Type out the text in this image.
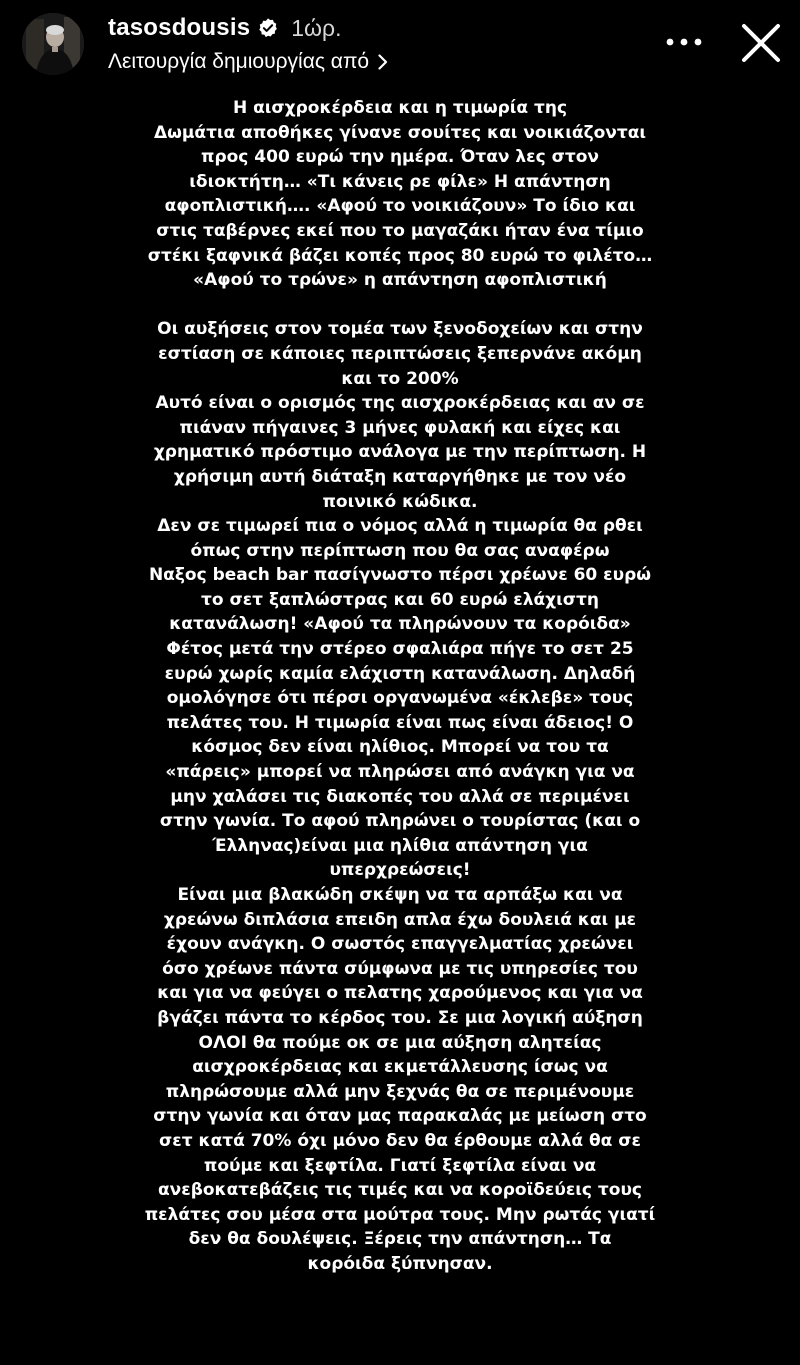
tasosdousis 1ώρ.
Λειτουργία δημιουργίας από
Η αισχροκέρδεια και η τιμωρία της
Δωμάτια αποθήκες γίνανε σουίτες και νοικιάζονται
προς 400 ευρώ την ημέρα. Όταν λες στον
ιδιοκτήτη… «Τι κάνεις ρε φίλε» Η απάντηση
αφοπλιστική…. «Αφού το νοικιάζουν» Το ίδιο και
στις ταβέρνες εκεί που το μαγαζάκι ήταν ένα τίμιο
στέκι ξαφνικά βάζει κοπές προς 80 ευρώ το φιλέτο…
«Αφού το τρώνε» η απάντηση αφοπλιστική
Οι αυξήσεις στον τομέα των ξενοδοχείων και στην
εστίαση σε κάποιες περιπτώσεις ξεπερνάνε ακόμη
και το 200%
Αυτό είναι ο ορισμός της αισχροκέρδειας και αν σε
πιάναν πήγαινες 3 μήνες φυλακή και είχες και
χρηματικό πρόστιμο ανάλογα με την περίπτωση. Η
χρήσιμη αυτή διάταξη καταργήθηκε με τον νέο
ποινικό κώδικα.
Δεν σε τιμωρεί πια ο νόμος αλλά η τιμωρία θα ρθει
όπως στην περίπτωση που θα σας αναφέρω
Ναξος beach bar πασίγνωστο πέρσι χρέωνε 60 ευρώ
το σετ ξαπλώστρας και 60 ευρώ ελάχιστη
κατανάλωση! «Αφού τα πληρώνουν τα κορόιδα»
Φέτος μετά την στέρεο σφαλιάρα πήγε το σετ 25
ευρώ χωρίς καμία ελάχιστη κατανάλωση. Δηλαδή
ομολόγησε ότι πέρσι οργανωμένα «έκλεβε» τους
πελάτες του. Η τιμωρία είναι πως είναι άδειος! Ο
κόσμος δεν είναι ηλίθιος. Μπορεί να του τα
«πάρεις» μπορεί να πληρώσει από ανάγκη για να
μην χαλάσει τις διακοπές του αλλά σε περιμένει
στην γωνία. Το αφού πληρώνει ο τουρίστας (και ο
Έλληνας)είναι μια ηλίθια απάντηση για
υπερχρεώσεις!
Είναι μια βλακώδη σκέψη να τα αρπάξω και να
χρεώνω διπλάσια επειδη απλα έχω δουλειά και με
έχουν ανάγκη. Ο σωστός επαγγελματίας χρεώνει
όσο χρέωνε πάντα σύμφωνα με τις υπηρεσίες του
και για να φεύγει ο πελατης χαρούμενος και για να
βγάζει πάντα το κέρδος του. Σε μια λογική αύξηση
ΟΛΟΙ θα πούμε οκ σε μια αύξηση αλητείας
αισχροκέρδειας και εκμετάλλευσης ίσως να
πληρώσουμε αλλά μην ξεχνάς θα σε περιμένουμε
στην γωνία και όταν μας παρακαλάς με μείωση στο
σετ κατά 70% όχι μόνο δεν θα έρθουμε αλλά θα σε
πούμε και ξεφτίλα. Γιατί ξεφτίλα είναι να
ανεβοκατεβάζεις τις τιμές και να κοροϊδεύεις τους
πελάτες σου μέσα στα μούτρα τους. Μην ρωτάς γιατί
δεν θα δουλέψεις. Ξέρεις την απάντηση… Τα
κορόιδα ξύπνησαν.
